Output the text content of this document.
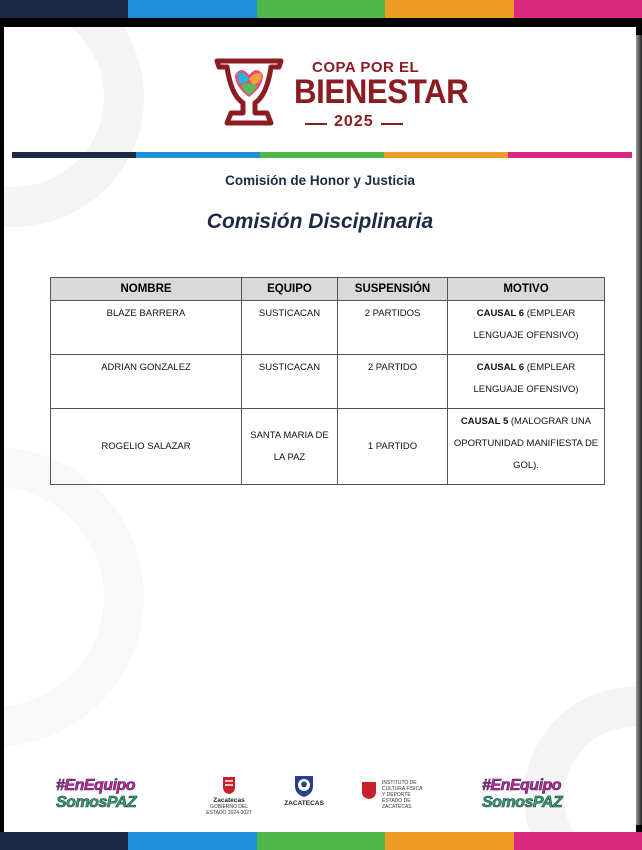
COPA POR EL
BIENESTAR
2025
Comisión de Honor y Justicia
Comisión Disciplinaria
NOMBRE	EQUIPO	SUSPENSIÓN	MOTIVO
BLAZE BARRERA	SUSTICACAN	2 PARTIDOS	CAUSAL 6 (EMPLEAR LENGUAJE OFENSIVO)
ADRIAN GONZALEZ	SUSTICACAN	2 PARTIDO	CAUSAL 6 (EMPLEAR LENGUAJE OFENSIVO)
ROGELIO SALAZAR	SANTA MARIA DE LA PAZ	1 PARTIDO	CAUSAL 5 (MALOGRAR UNA OPORTUNIDAD MANIFIESTA DE GOL).
#EnEquipo
SomosPAZ	Zacatecas
GOBIERNO DEL ESTADO 2024-2027
ZACATECAS
INSTITUTO DE
CULTURA FÍSICA
Y DEPORTE
ESTADO DE ZACATECAS
#EnEquipo
SomosPAZ
